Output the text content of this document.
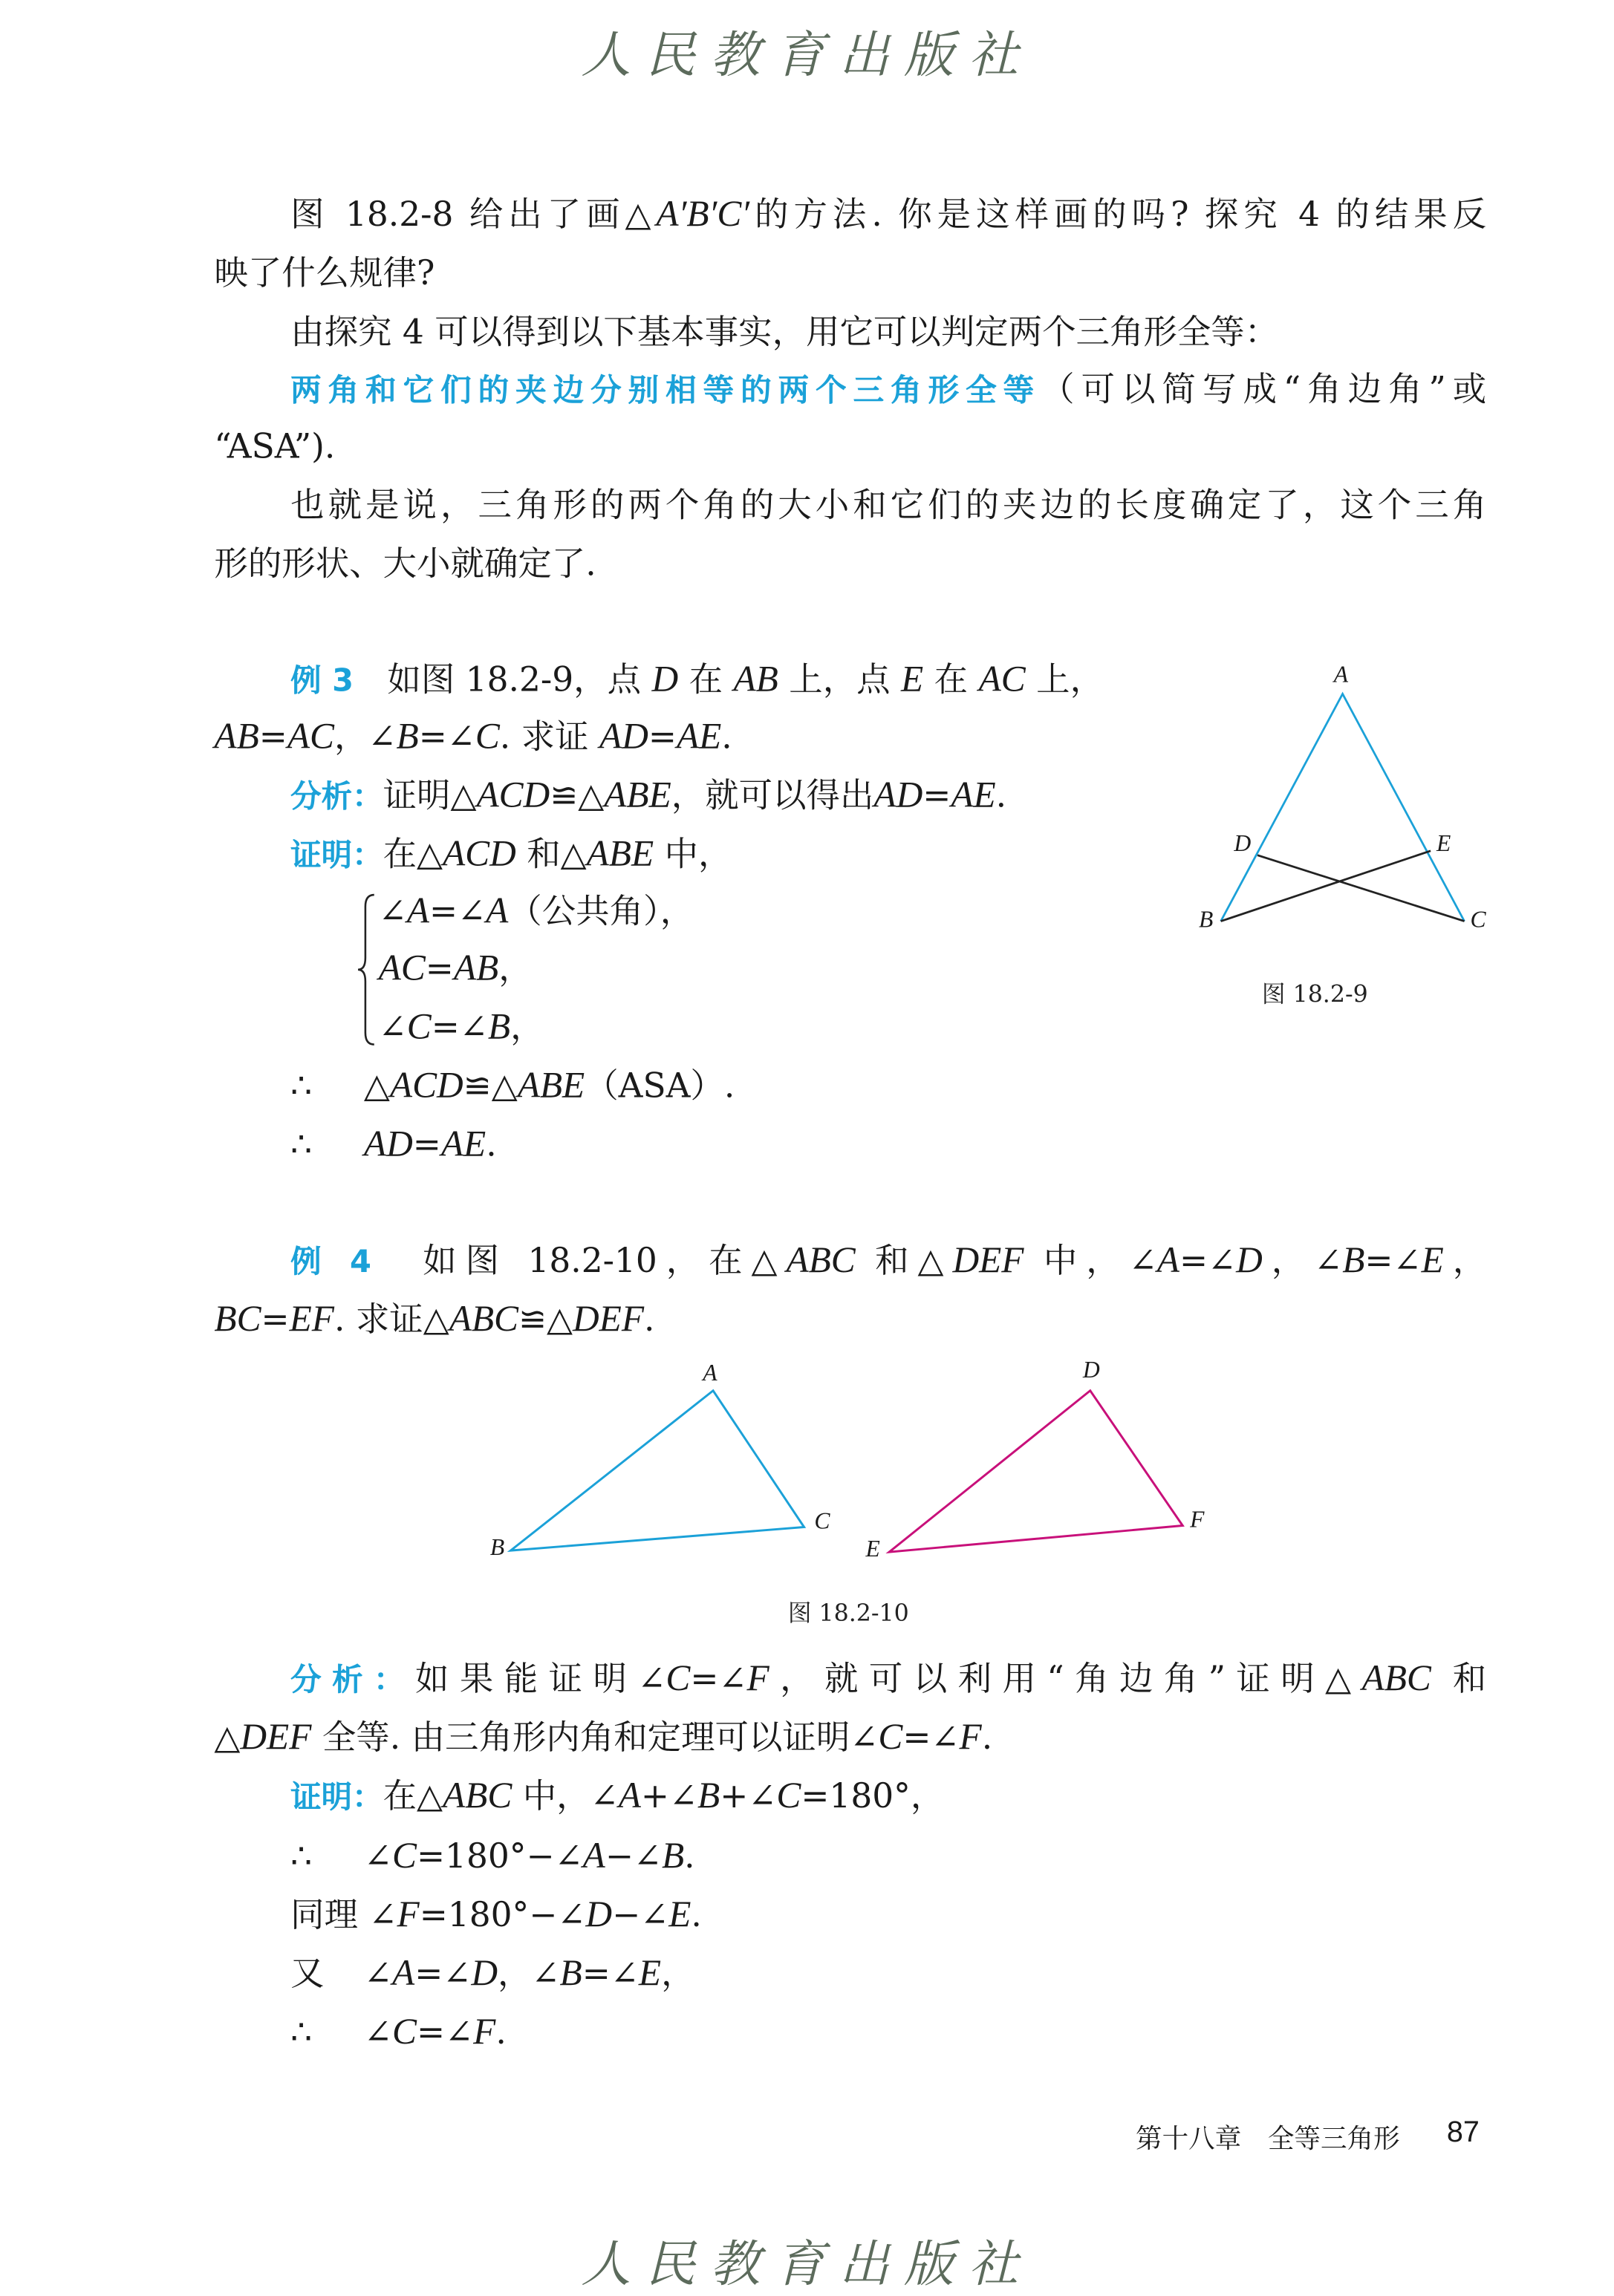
人民教育出版社
图 18.2-8 给出了画△A′B′C′的方法. 你是这样画的吗? 探究 4 的结果反
映了什么规律?
由探究 4 可以得到以下基本事实，用它可以判定两个三角形全等：
两角和它们的夹边分别相等的两个三角形全等（可以简写成“角边角”或
“ASA”).
也就是说，三角形的两个角的大小和它们的夹边的长度确定了，这个三角
形的形状、大小就确定了.
例 3　如图 18.2-9，点 D 在 AB 上，点 E 在 AC 上，
AB=AC，∠B=∠C. 求证 AD=AE.
分析：证明△ACD≌△ABE，就可以得出AD=AE.
证明：在△ACD 和△ABE 中，
∠A=∠A（公共角），
AC=AB，
∠C=∠B，
∴	△ACD≌△ABE（ASA）.
∴	AD=AE.
例 4　如图 18.2-10，在△ABC 和△DEF 中，∠A=∠D，∠B=∠E，
BC=EF. 求证△ABC≌△DEF.
分析：如果能证明∠C=∠F，就可以利用“角边角”证明△ABC 和
△DEF 全等. 由三角形内角和定理可以证明∠C=∠F.
证明：在△ABC 中，∠A+∠B+∠C=180°，
∴	∠C=180°−∠A−∠B.
同理 ∠F=180°−∠D−∠E.
又 ∠A=∠D，∠B=∠E，
∴	∠C=∠F.
A
D	E
B	C
图 18.2-9
A
B
C
D
E
F
图 18.2-10
第十八章　全等三角形	87
人民教育出版社
